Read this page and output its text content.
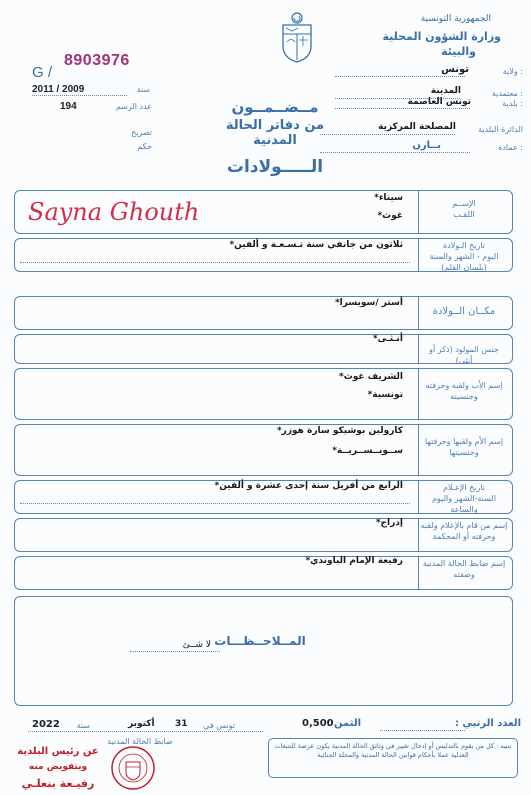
8903976
G /
2011 / 2009	سنة
194	عدد الرسم
تصريح
حكم
الجمهورية التونسية
وزارة الشؤون المحلية
والبيئة
ولاية :
تونس
معتمدية :
المدينة
بلدية :
تونس العاصمة
الدائرة البلدية
المصلحة المركزية
عمادة :
بــارن
مــضــمــون
من دفاتر الحالة المدنية
الـــــولادات
الإســم
اللقـب
سيناء*
غوث*
Sayna Ghouth
تاريخ الـولادة
اليوم - الشهر والسنة
(بلسان القلم)
ثلاثون من جانفي سنة تـسـعـة و ألفين*
مكــان الــولادة
أستر /سويسرا*
جنس المولود (ذكر أو أنثى)
أنـثـى*
إسم الأب ولقبه وحرفته
وجنسيته
الشريف غوث*
تونسية*
إسم الأم ولقبها وحرفتها
وجنسيتها
كارولين بوشيكو سارة هوزر*
ســويــســريــة*
تاريخ الإعـلام
السنة-الشهر واليوم والساعة
الرابع من أفريل سنة إحدى عشرة و ألفين*
إسم من قام بالإعلام ولقبه
وحرفته أو المحكمة
إدراج*
إسم ضابط الحالة المدنية
وصفته
رفيعة الإمام الباوندي*
المــلاحــظـــات
لا شــئ
العدد الرتبي :
الثمن :
0,500
تونس في
أكتوبر 31
سنة
2022
ضابط الحالة المدنية	تنبيه : كل من يقوم بالتدليس أو إدخال تغيير في وثائق الحالة المدنية يكون عرضة للتتبعات العدلية عملا بأحكام قوانين الحالة المدنية والمجلة الجنائية
عن رئيس البلدية
وبتفويض منه
رفيـعة بنعلـي
